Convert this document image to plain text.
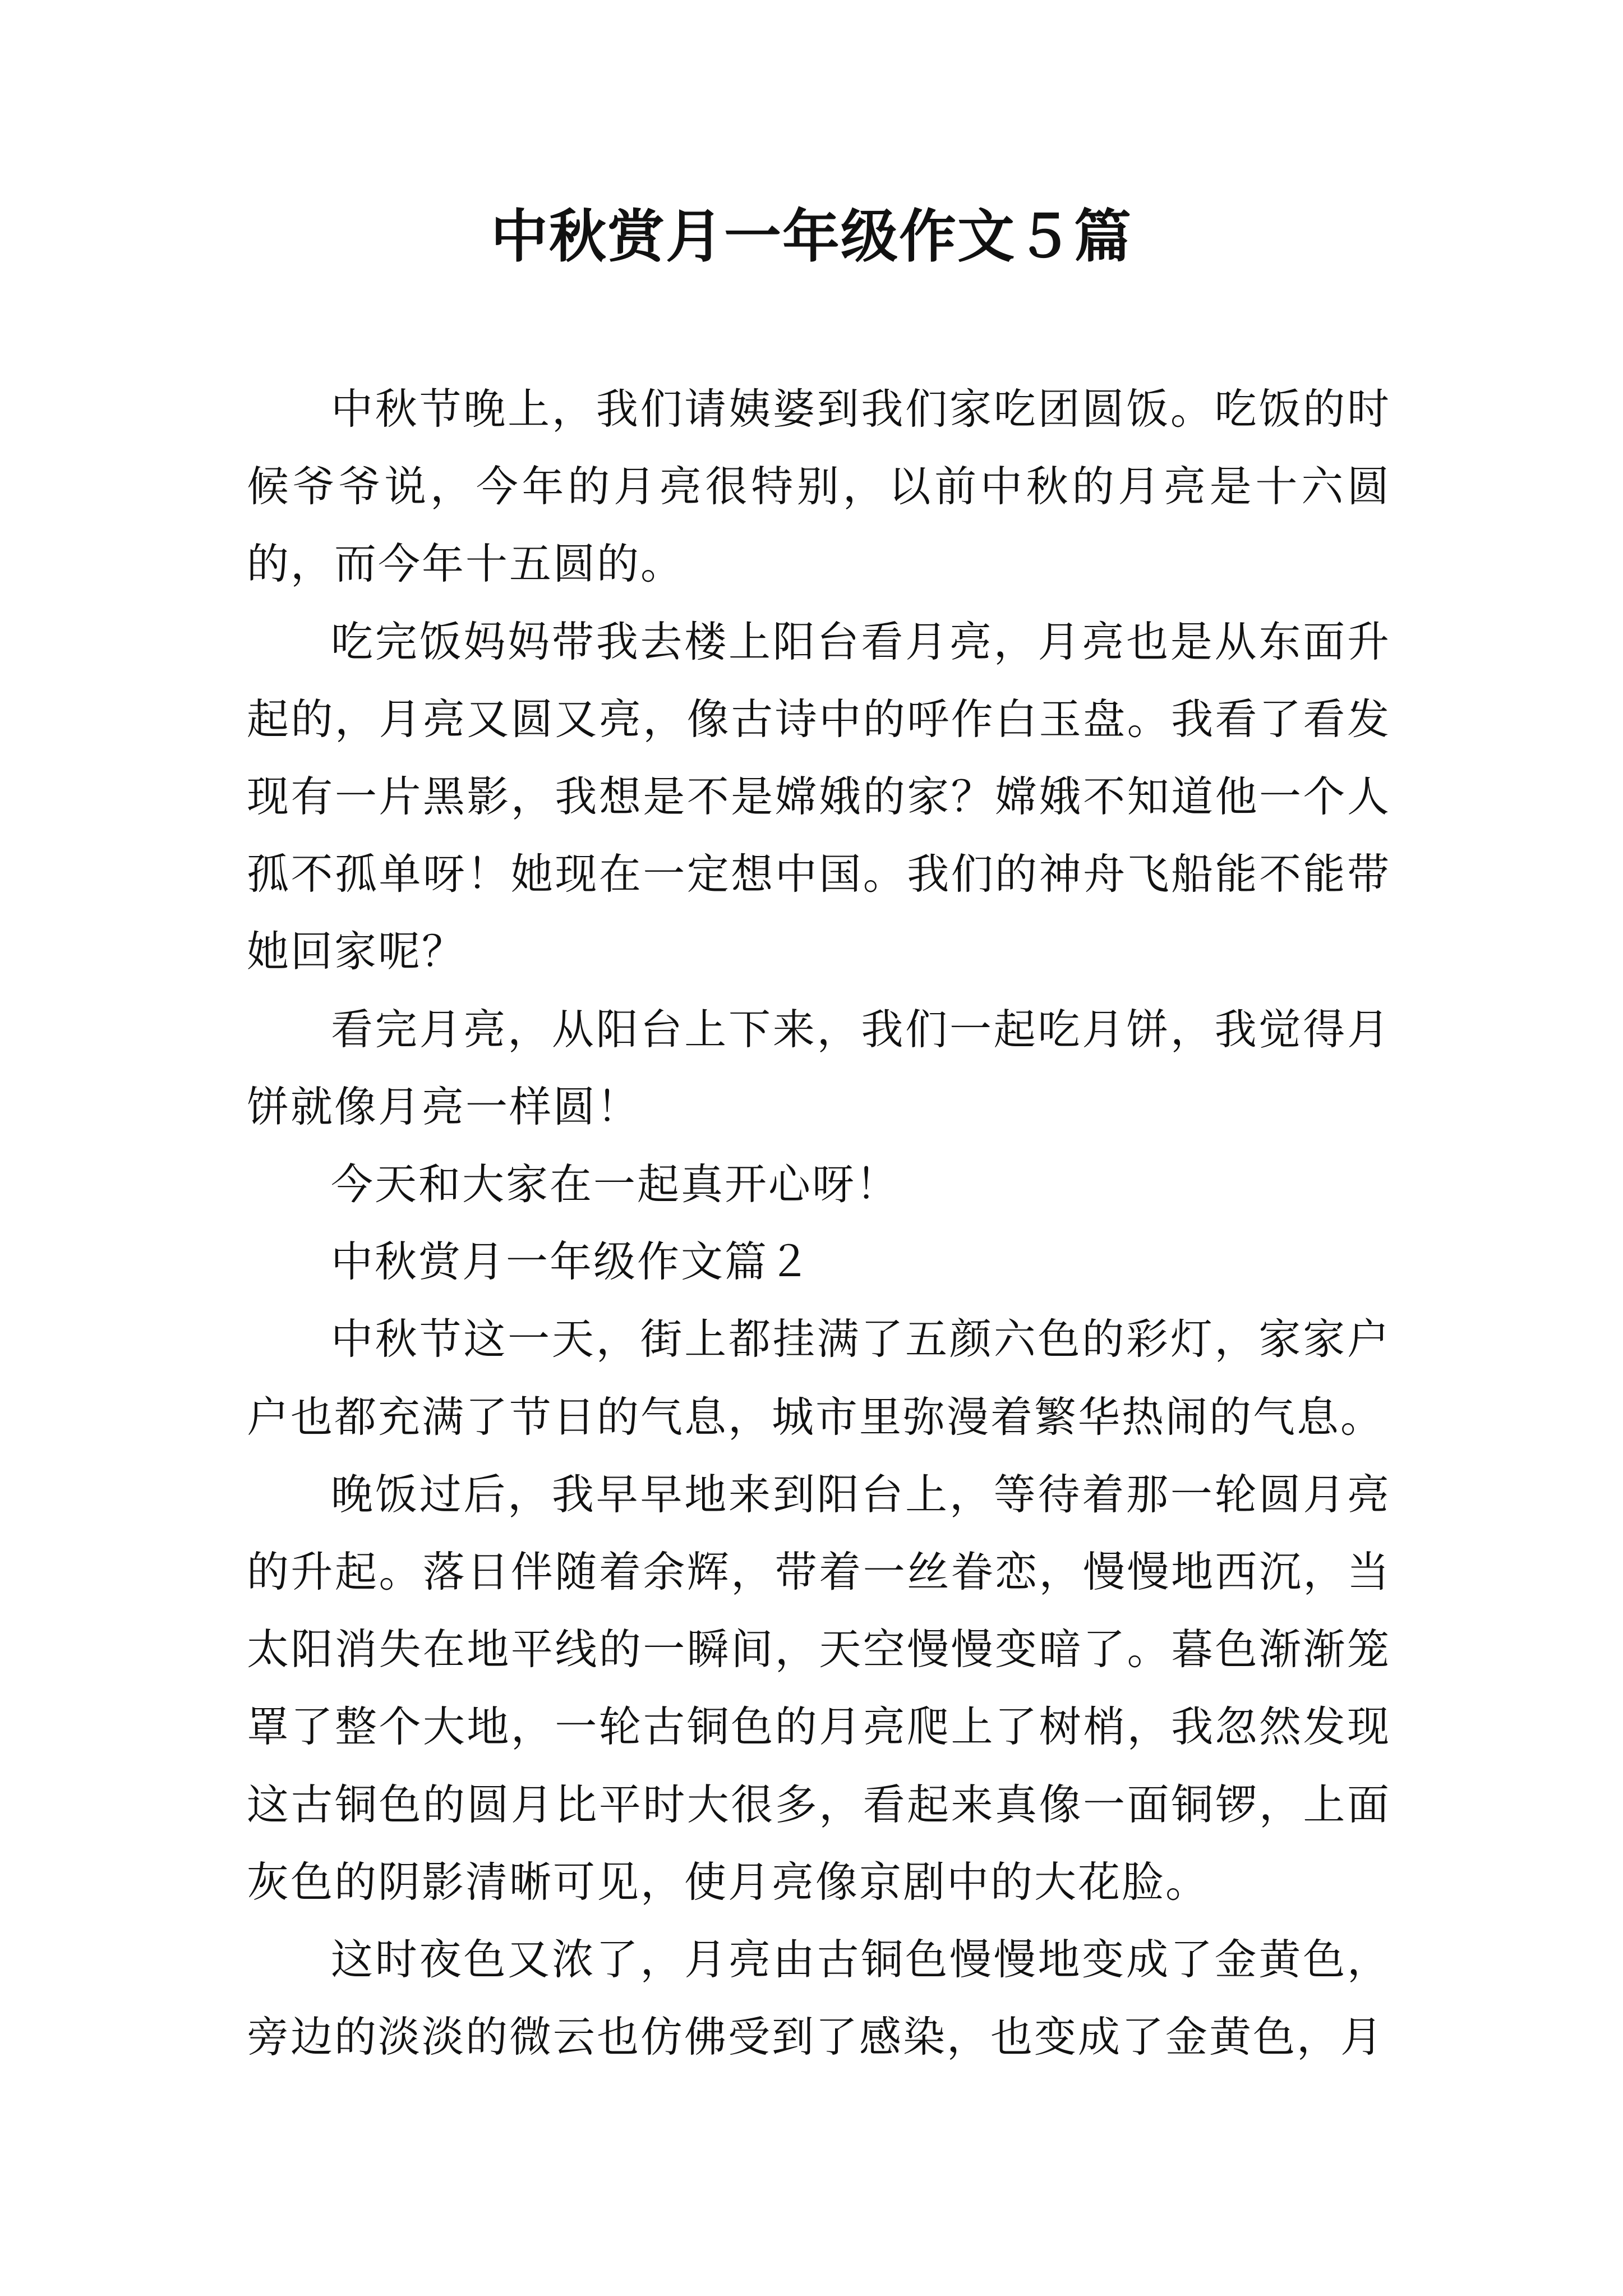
中秋赏月一年级作文５篇

中秋节晚上，我们请姨婆到我们家吃团圆饭。吃饭的时候爷爷说，今年的月亮很特别，以前中秋的月亮是十六圆的，而今年十五圆的。

吃完饭妈妈带我去楼上阳台看月亮，月亮也是从东面升起的，月亮又圆又亮，像古诗中的呼作白玉盘。我看了看发现有一片黑影，我想是不是嫦娥的家？嫦娥不知道他一个人孤不孤单呀！她现在一定想中国。我们的神舟飞船能不能带她回家呢？

看完月亮，从阳台上下来，我们一起吃月饼，我觉得月饼就像月亮一样圆！

今天和大家在一起真开心呀！

中秋赏月一年级作文篇２

中秋节这一天，街上都挂满了五颜六色的彩灯，家家户户也都充满了节日的气息，城市里弥漫着繁华热闹的气息。

晚饭过后，我早早地来到阳台上，等待着那一轮圆月亮的升起。落日伴随着余辉，带着一丝眷恋，慢慢地西沉，当太阳消失在地平线的一瞬间，天空慢慢变暗了。暮色渐渐笼罩了整个大地，一轮古铜色的月亮爬上了树梢，我忽然发现这古铜色的圆月比平时大很多，看起来真像一面铜锣，上面灰色的阴影清晰可见，使月亮像京剧中的大花脸。

这时夜色又浓了，月亮由古铜色慢慢地变成了金黄色，旁边的淡淡的微云也仿佛受到了感染，也变成了金黄色，月
